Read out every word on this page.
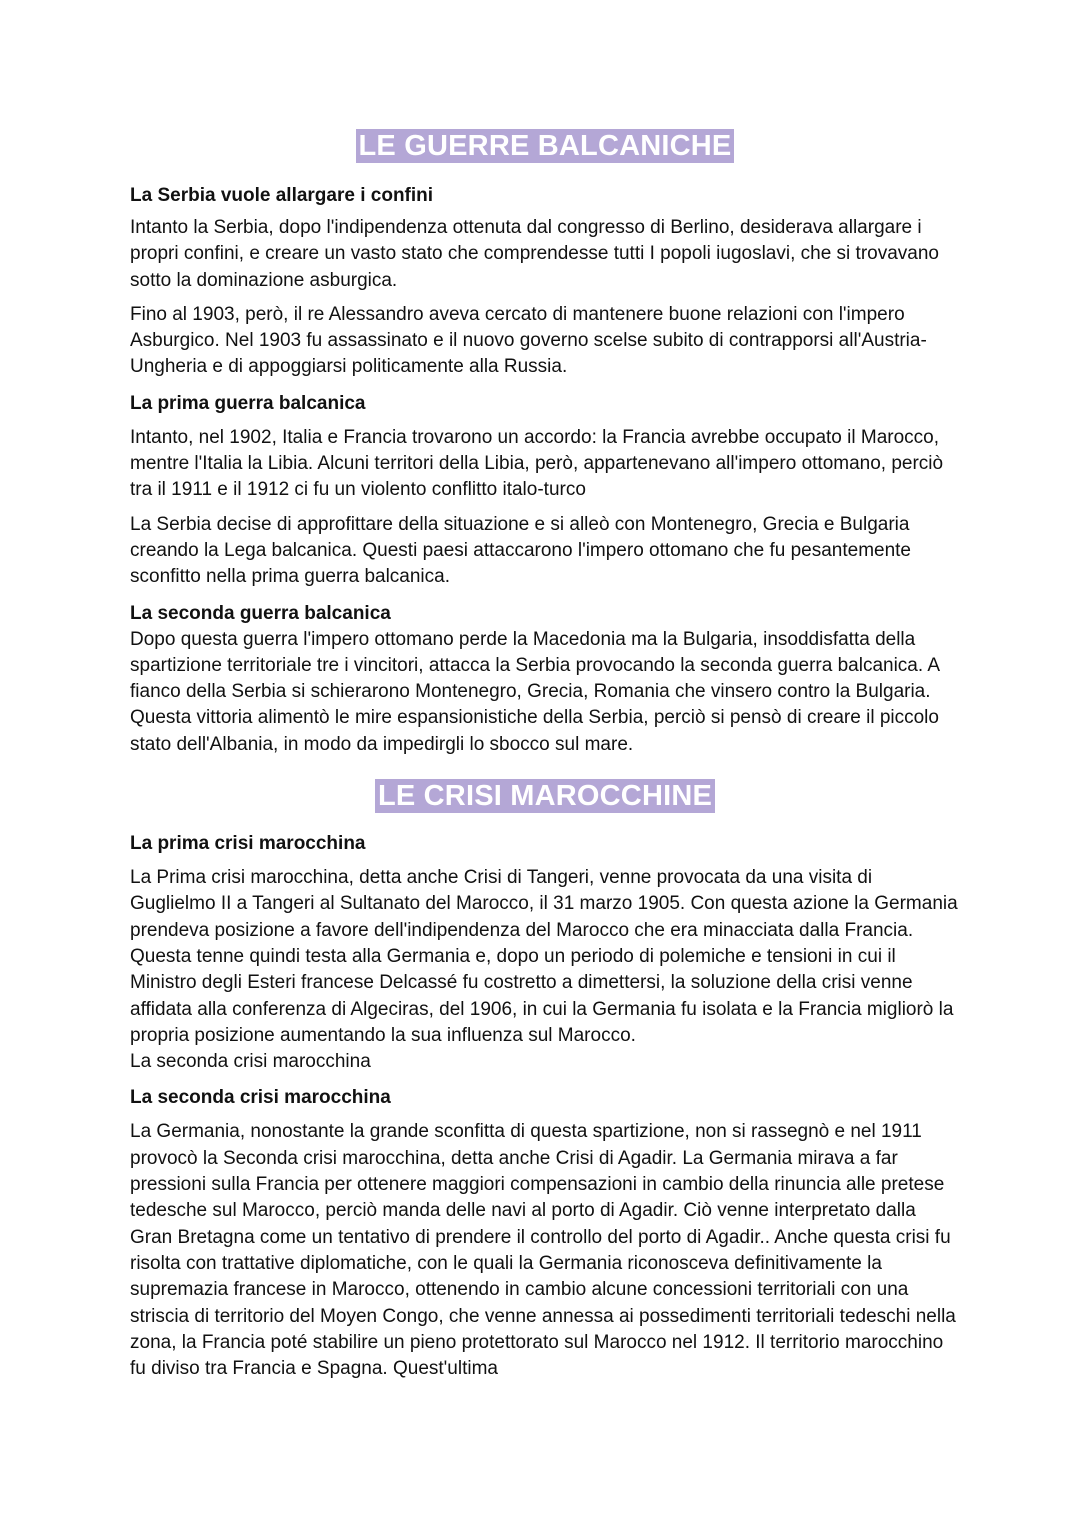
LE GUERRE BALCANICHE
La Serbia vuole allargare i confini

Intanto la Serbia, dopo l'indipendenza ottenuta dal congresso di Berlino, desiderava allargare i propri confini, e creare un vasto stato che comprendesse tutti I popoli iugoslavi, che si trovavano sotto la dominazione asburgica.

Fino al 1903, però, il re Alessandro aveva cercato di mantenere buone relazioni con l'impero Asburgico. Nel 1903 fu assassinato e il nuovo governo scelse subito di contrapporsi all'Austria-Ungheria e di appoggiarsi politicamente alla Russia.

La prima guerra balcanica

Intanto, nel 1902, Italia e Francia trovarono un accordo: la Francia avrebbe occupato il Marocco, mentre l'Italia la Libia. Alcuni territori della Libia, però, appartenevano all'impero ottomano, perciò tra il 1911 e il 1912 ci fu un violento conflitto italo-turco

La Serbia decise di approfittare della situazione e si alleò con Montenegro, Grecia e Bulgaria creando la Lega balcanica. Questi paesi attaccarono l'impero ottomano che fu pesantemente sconfitto nella prima guerra balcanica.

La seconda guerra balcanica

Dopo questa guerra l'impero ottomano perde la Macedonia ma la Bulgaria, insoddisfatta della spartizione territoriale tre i vincitori, attacca la Serbia provocando la seconda guerra balcanica. A fianco della Serbia si schierarono Montenegro, Grecia, Romania che vinsero contro la Bulgaria. Questa vittoria alimentò le mire espansionistiche della Serbia, perciò si pensò di creare il piccolo stato dell'Albania, in modo da impedirgli lo sbocco sul mare.

LE CRISI MAROCCHINE
La prima crisi marocchina

La Prima crisi marocchina, detta anche Crisi di Tangeri, venne provocata da una visita di Guglielmo II a Tangeri al Sultanato del Marocco, il 31 marzo 1905. Con questa azione la Germania prendeva posizione a favore dell'indipendenza del Marocco che era minacciata dalla Francia. Questa tenne quindi testa alla Germania e, dopo un periodo di polemiche e tensioni in cui il Ministro degli Esteri francese Delcassé fu costretto a dimettersi, la soluzione della crisi venne affidata alla conferenza di Algeciras, del 1906, in cui la Germania fu isolata e la Francia migliorò la propria posizione aumentando la sua influenza sul Marocco.

La seconda crisi marocchina

La seconda crisi marocchina

La Germania, nonostante la grande sconfitta di questa spartizione, non si rassegnò e nel 1911 provocò la Seconda crisi marocchina, detta anche Crisi di Agadir. La Germania mirava a far pressioni sulla Francia per ottenere maggiori compensazioni in cambio della rinuncia alle pretese tedesche sul Marocco, perciò manda delle navi al porto di Agadir. Ciò venne interpretato dalla Gran Bretagna come un tentativo di prendere il controllo del porto di Agadir.. Anche questa crisi fu risolta con trattative diplomatiche, con le quali la Germania riconosceva definitivamente la supremazia francese in Marocco, ottenendo in cambio alcune concessioni territoriali con una striscia di territorio del Moyen Congo, che venne annessa ai possedimenti territoriali tedeschi nella zona, la Francia poté stabilire un pieno protettorato sul Marocco nel 1912. Il territorio marocchino fu diviso tra Francia e Spagna. Quest'ultima
